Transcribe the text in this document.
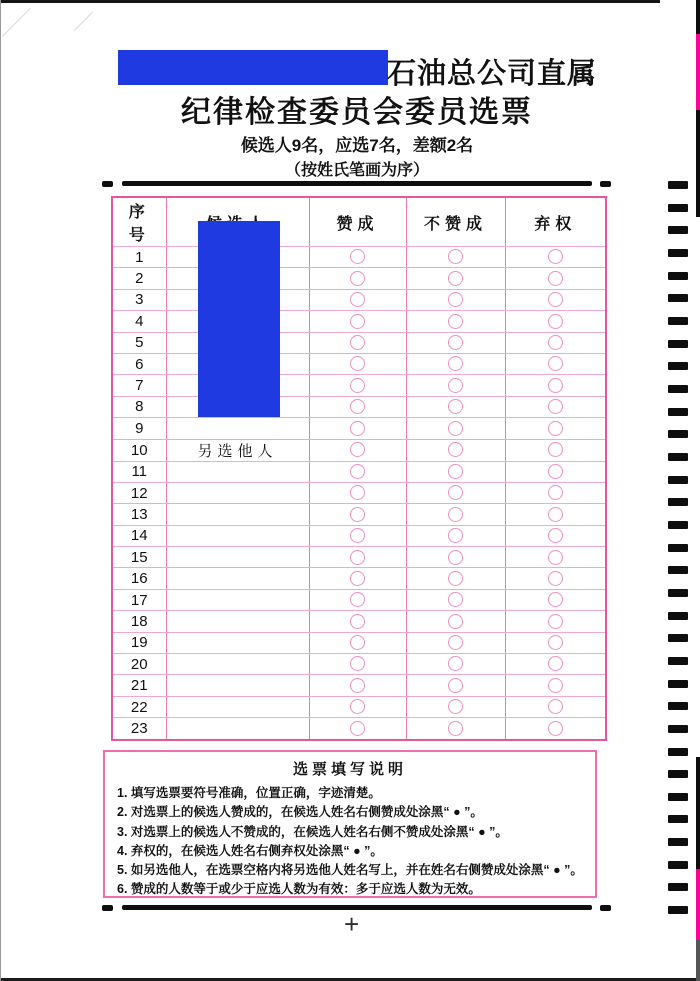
石油总公司直属
纪律检查委员会委员选票
候选人9名，应选7名，差额2名
（按姓氏笔画为序）
序　号		赞成	不赞成	弃权
1				
2				
3				
4				
5				
6				
7				
8				
9				
10	另选他人			
11				
12				
13				
14				
15				
16				
17				
18				
19				
20				
21				
22				
23				
选票填写说明
1. 填写选票要符号准确，位置正确，字迹清楚。
2. 对选票上的候选人赞成的，在候选人姓名右侧赞成处涂黑“ ● ”。
3. 对选票上的候选人不赞成的，在候选人姓名右侧不赞成处涂黑“ ● ”。
4. 弃权的，在候选人姓名右侧弃权处涂黑“ ● ”。
5. 如另选他人，在选票空格内将另选他人姓名写上，并在姓名右侧赞成处涂黑“ ● ”。
6. 赞成的人数等于或少于应选人数为有效：多于应选人数为无效。
+
